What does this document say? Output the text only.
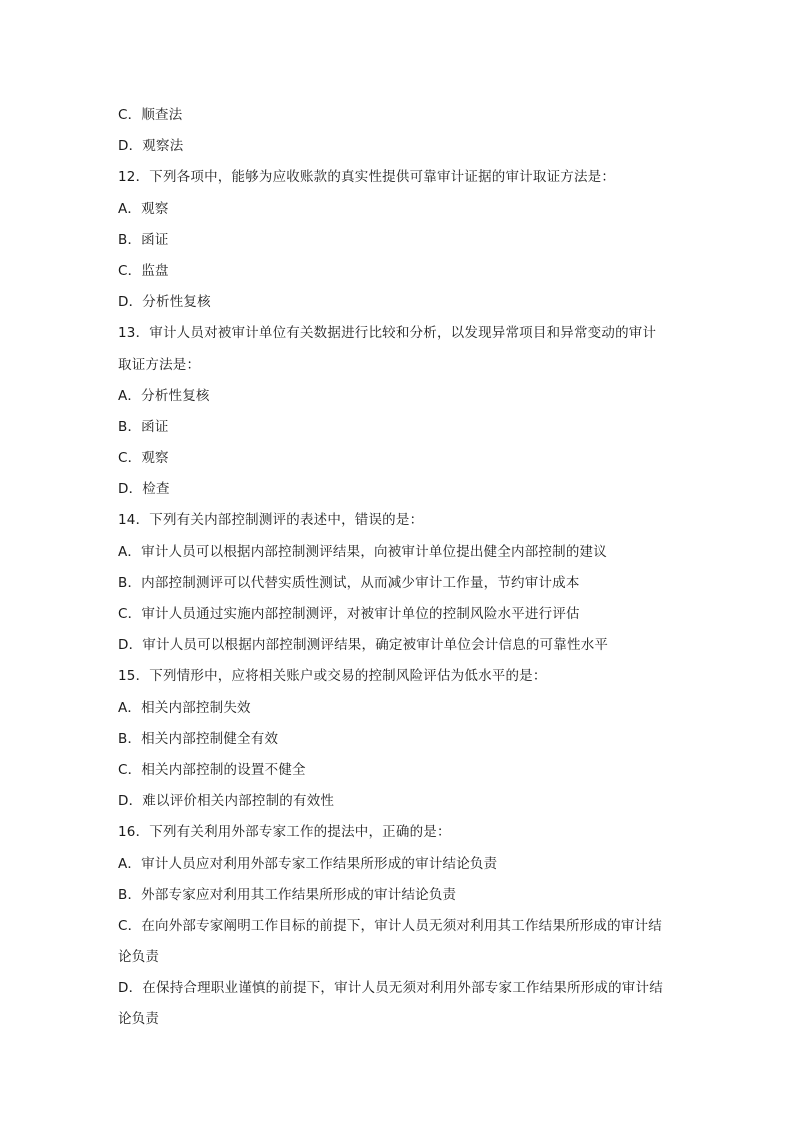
C．顺查法
D．观察法
12．下列各项中，能够为应收账款的真实性提供可靠审计证据的审计取证方法是：
A．观察
B．函证
C．监盘
D．分析性复核
13．审计人员对被审计单位有关数据进行比较和分析，以发现异常项目和异常变动的审计
取证方法是：
A．分析性复核
B．函证
C．观察
D．检查
14．下列有关内部控制测评的表述中，错误的是：
A．审计人员可以根据内部控制测评结果，向被审计单位提出健全内部控制的建议
B．内部控制测评可以代替实质性测试，从而减少审计工作量，节约审计成本
C．审计人员通过实施内部控制测评，对被审计单位的控制风险水平进行评估
D．审计人员可以根据内部控制测评结果，确定被审计单位会计信息的可靠性水平
15．下列情形中，应将相关账户或交易的控制风险评估为低水平的是：
A．相关内部控制失效
B．相关内部控制健全有效
C．相关内部控制的设置不健全
D．难以评价相关内部控制的有效性
16．下列有关利用外部专家工作的提法中，正确的是：
A．审计人员应对利用外部专家工作结果所形成的审计结论负责
B．外部专家应对利用其工作结果所形成的审计结论负责
C．在向外部专家阐明工作目标的前提下，审计人员无须对利用其工作结果所形成的审计结
论负责
D．在保持合理职业谨慎的前提下，审计人员无须对利用外部专家工作结果所形成的审计结
论负责
